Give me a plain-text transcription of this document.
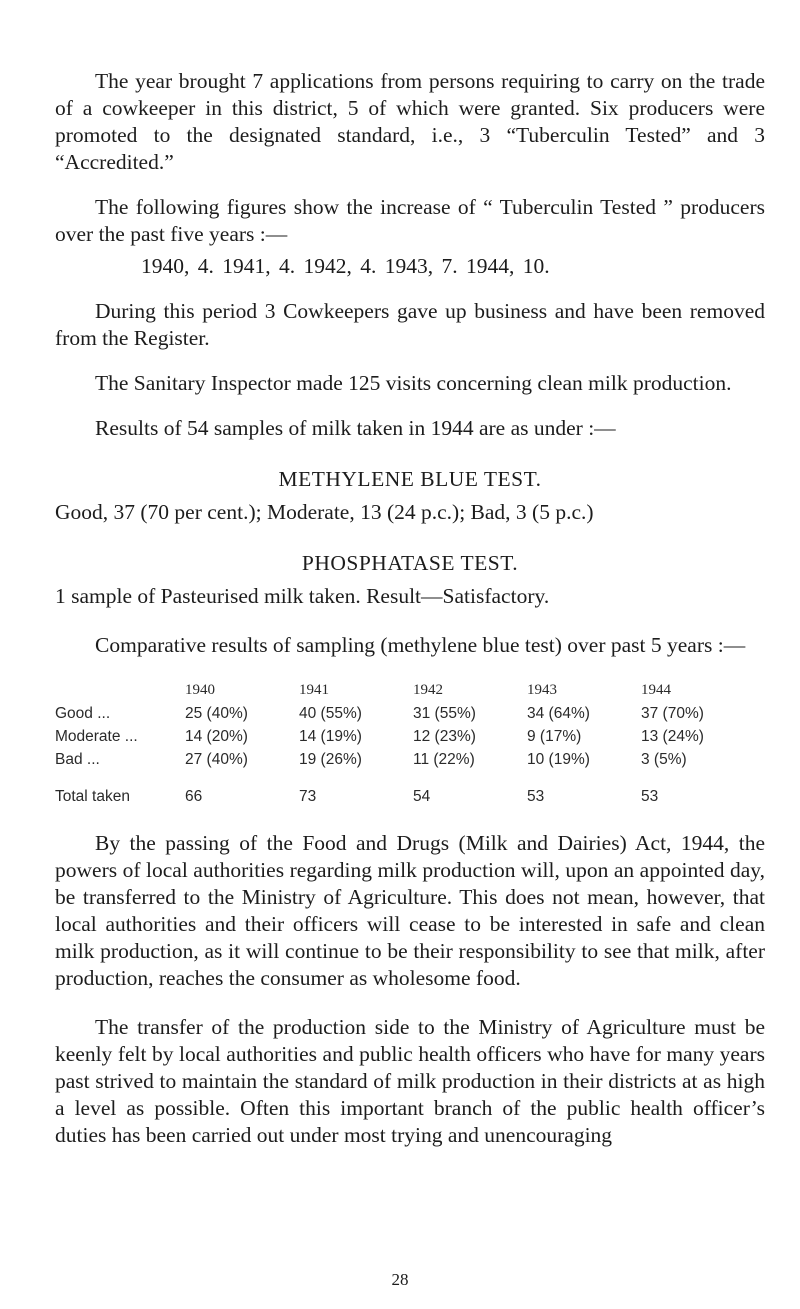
The year brought 7 applications from persons requiring to carry on the trade of a cowkeeper in this district, 5 of which were granted. Six producers were promoted to the designated standard, i.e., 3 “Tuberculin Tested” and 3 “Accredited.”

The following figures show the increase of “ Tuberculin Tested ” producers over the past five years :—

1940, 4. 1941, 4. 1942, 4. 1943, 7. 1944, 10.

During this period 3 Cowkeepers gave up business and have been removed from the Register.

The Sanitary Inspector made 125 visits concerning clean milk production.

Results of 54 samples of milk taken in 1944 are as under :—

METHYLENE BLUE TEST.

Good, 37 (70 per cent.); Moderate, 13 (24 p.c.); Bad, 3 (5 p.c.)

PHOSPHATASE TEST.

1 sample of Pasteurised milk taken. Result—Satisfactory.

Comparative results of sampling (methylene blue test) over past 5 years :—

	1940	1941	1942	1943	1944
Good ...	25 (40%)	40 (55%)	31 (55%)	34 (64%)	37 (70%)
Moderate ...	14 (20%)	14 (19%)	12 (23%)	9 (17%)	13 (24%)
Bad ...	27 (40%)	19 (26%)	11 (22%)	10 (19%)	3 (5%)
Total taken	66	73	54	53	53

By the passing of the Food and Drugs (Milk and Dairies) Act, 1944, the powers of local authorities regarding milk production will, upon an appointed day, be transferred to the Ministry of Agriculture. This does not mean, however, that local authorities and their officers will cease to be interested in safe and clean milk production, as it will continue to be their responsibility to see that milk, after production, reaches the consumer as wholesome food.

The transfer of the production side to the Ministry of Agriculture must be keenly felt by local authorities and public health officers who have for many years past strived to maintain the standard of milk production in their districts at as high a level as possible. Often this important branch of the public health officer’s duties has been carried out under most trying and unencouraging

28
